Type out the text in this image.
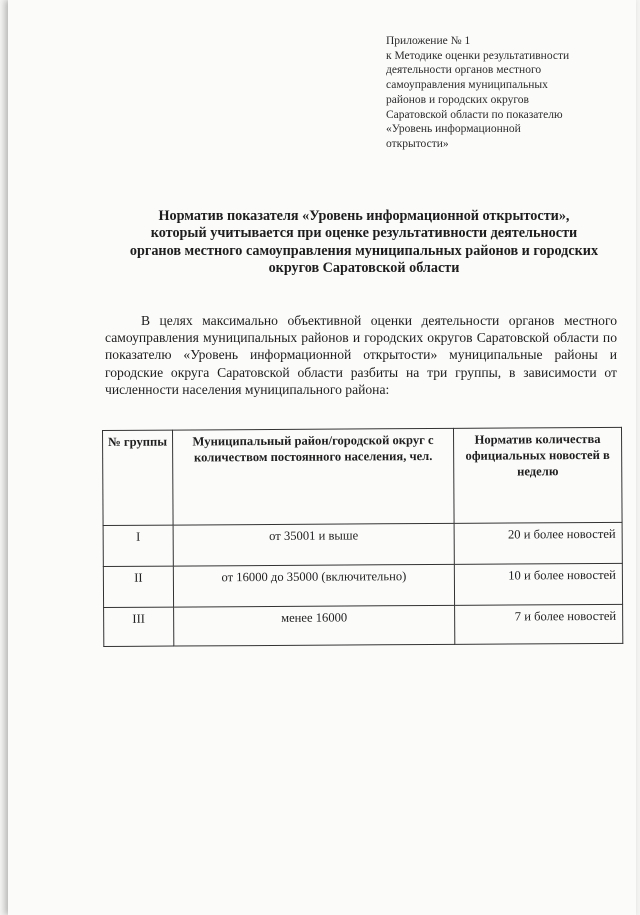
Приложение № 1
к Методике оценки результативности
деятельности органов местного
самоуправления муниципальных
районов и городских округов
Саратовской области по показателю
«Уровень информационной
открытости»
Норматив показателя «Уровень информационной открытости»,
который учитывается при оценке результативности деятельности
органов местного самоуправления муниципальных районов и городских
округов Саратовской области
В целях максимально объективной оценки деятельности органов местного самоуправления муниципальных районов и городских округов Саратовской области по показателю «Уровень информационной открытости» муниципальные районы и городские округа Саратовской области разбиты на три группы, в зависимости от численности населения муниципального района:
№ группы	Муниципальный район/городской округ с количеством постоянного населения, чел.	Норматив количества официальных новостей в неделю
I	от 35001 и выше	20 и более новостей
II	от 16000 до 35000 (включительно)	10 и более новостей
III	менее 16000	7 и более новостей
